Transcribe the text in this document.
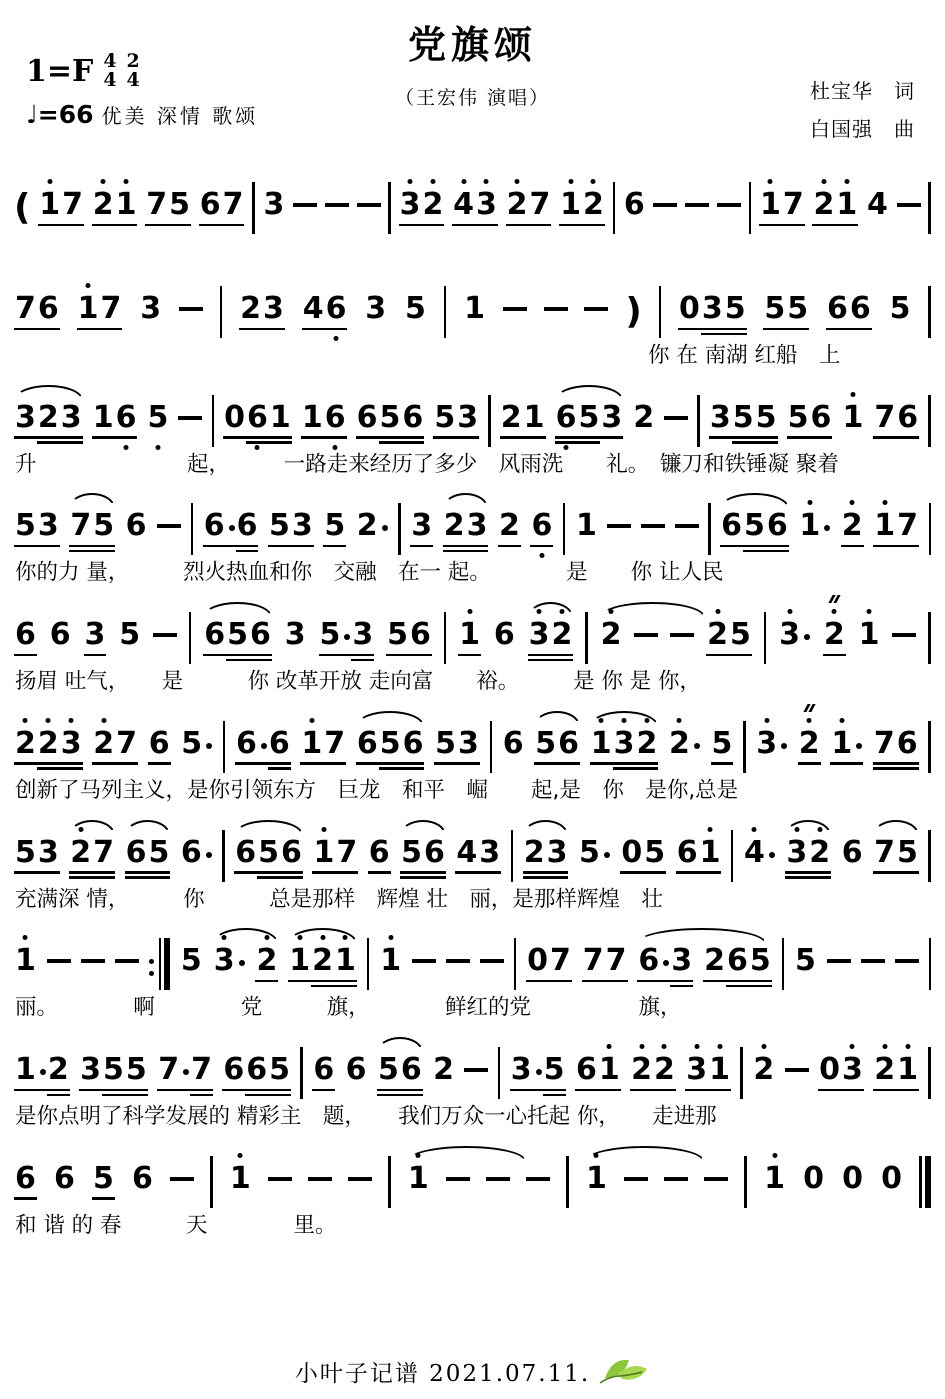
党旗颂
（王宏伟 演唱）
1=F 4
4
2
4
♩=66 优美 深情 歌颂
杜宝华　词
白国强　曲
( 1 7 2 1 7 5 6 7 3	3 2 4 3 2 7 1 2 6	1 7 2 1 4
7 6 1 7 3	2 3 4 6 3 5 1	) 0 3 5 5 5 6 6 5
你 在 南湖 红船　上
3 2 3 1 6 5 0 6 1 1 6 6 5 6 5 3 2 1 6 5 3 2 3 5 5 5 6 1 7 6
升　　　　　　　起，　　　一路走来经历了多少　风雨洗　　礼。　镰刀和铁锤凝 聚着
5 3 7 5 6 6 6 5 3 5 2 3 2 3 2 6 1	6 5 6 1 2 1 7
你的力 量，　　　烈火热血和你　交融　在一 起。　　　　是　　你 让人民
6 6 3 5 6 5 6 3 5 3 5 6 1 6 3 2 2	2 5 3 2 1
扬眉 吐气，　　是　　　你 改革开放 走向富　　裕。　　　是 你 是 你，
2 2 3 2 7 6 5 6 6 1 7 6 5 6 5 3 6 5 6 1 3 2 2 5 3 2 1 7 6
创新了马列主义，是你引领东方　巨龙　和平　崛　　起,是　你　是你,总是
5 3 2 7 6 5 6 6 5 6 1 7 6 5 6 4 3 2 3 5 0 5 6 1 4 3 2 6 7 5
充满深 情，　　　你　　　总是那样　辉煌 壮　丽，是那样辉煌　壮
1	5 3 2 1 2 1 1	0 7 7 7 6 3 2 6 5 5
丽。　　　　啊　　　　党　　　旗，　　　　鲜红的党　　　　　旗，
1 2 3 5 5 7 7 6 6 5 6 6 5 6 2 3 5 6 1 2 2 3 1 2 0 3 2 1
是你点明了科学发展的 精彩主　题，　　我们万众一心托起 你，　　走进那
6 6 5 6	1	1	1	1 0 0 0
和 谐 的 春　　　天　　　　里。
小叶子记谱 2021.07.11.
